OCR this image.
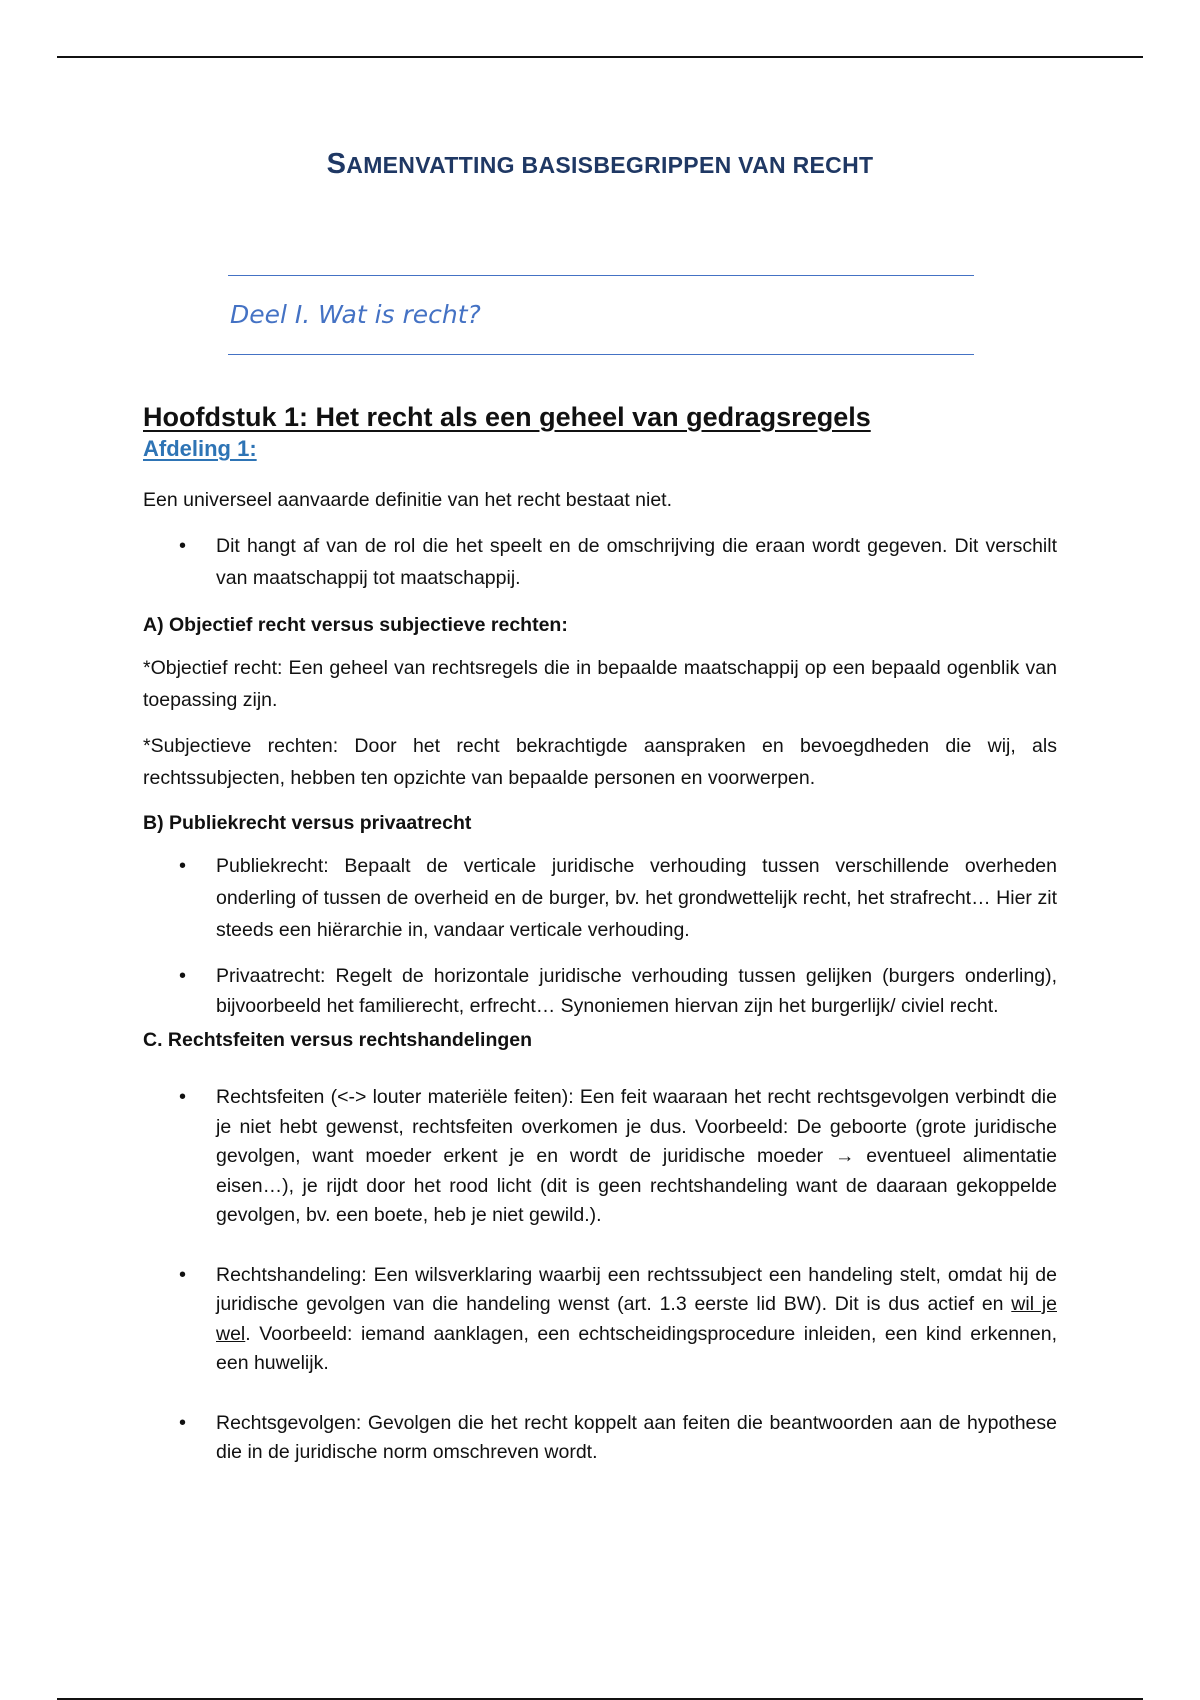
SAMENVATTING BASISBEGRIPPEN VAN RECHT
Deel I. Wat is recht?
Hoofdstuk 1: Het recht als een geheel van gedragsregels
Afdeling 1:

Een universeel aanvaarde definitie van het recht bestaat niet.

• Dit hangt af van de rol die het speelt en de omschrijving die eraan wordt gegeven. Dit verschilt van maatschappij tot maatschappij.
A) Objectief recht versus subjectieve rechten:

*Objectief recht: Een geheel van rechtsregels die in bepaalde maatschappij op een bepaald ogenblik van toepassing zijn.

*Subjectieve rechten: Door het recht bekrachtigde aanspraken en bevoegdheden die wij, als rechtssubjecten, hebben ten opzichte van bepaalde personen en voorwerpen.

B) Publiekrecht versus privaatrecht
• Publiekrecht: Bepaalt de verticale juridische verhouding tussen verschillende overheden onderling of tussen de overheid en de burger, bv. het grondwettelijk recht, het strafrecht… Hier zit steeds een hiërarchie in, vandaar verticale verhouding.
• Privaatrecht: Regelt de horizontale juridische verhouding tussen gelijken (burgers onderling), bijvoorbeeld het familierecht, erfrecht… Synoniemen hiervan zijn het burgerlijk/ civiel recht.
C. Rechtsfeiten versus rechtshandelingen
• Rechtsfeiten (<-> louter materiële feiten): Een feit waaraan het recht rechtsgevolgen verbindt die je niet hebt gewenst, rechtsfeiten overkomen je dus. Voorbeeld: De geboorte (grote juridische gevolgen, want moeder erkent je en wordt de juridische moeder → eventueel alimentatie eisen…), je rijdt door het rood licht (dit is geen rechtshandeling want de daaraan gekoppelde gevolgen, bv. een boete, heb je niet gewild.).
• Rechtshandeling: Een wilsverklaring waarbij een rechtssubject een handeling stelt, omdat hij de juridische gevolgen van die handeling wenst (art. 1.3 eerste lid BW). Dit is dus actief en wil je wel. Voorbeeld: iemand aanklagen, een echtscheidingsprocedure inleiden, een kind erkennen, een huwelijk.
• Rechtsgevolgen: Gevolgen die het recht koppelt aan feiten die beantwoorden aan de hypothese die in de juridische norm omschreven wordt.
